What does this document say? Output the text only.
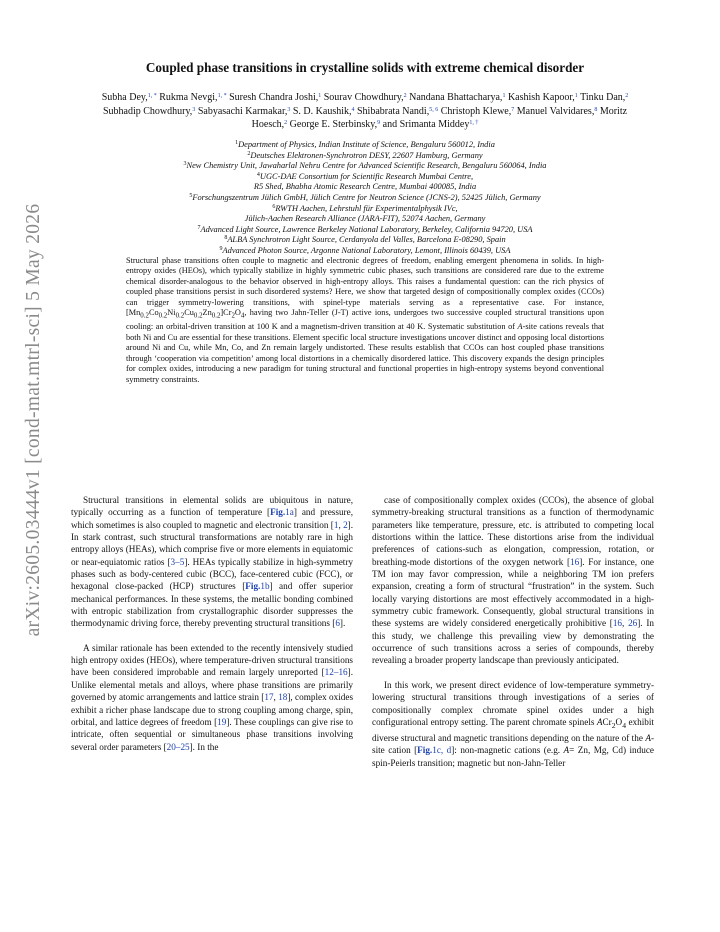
arXiv:2605.03444v1 [cond-mat.mtrl-sci] 5 May 2026
Coupled phase transitions in crystalline solids with extreme chemical disorder
Subha Dey,$^{1, *}$ Rukma Nevgi,$^{1, *}$ Suresh Chandra Joshi,$^1$ Sourav Chowdhury,$^2$ Nandana Bhattacharya,$^1$ Kashish Kapoor,$^1$ Tinku Dan,$^2$ Subhadip Chowdhury,$^3$ Sabyasachi Karmakar,$^3$ S. D. Kaushik,$^4$ Shibabrata Nandi,$^{5, 6}$ Christoph Klewe,$^7$ Manuel Valvidares,$^8$ Moritz Hoesch,$^2$ George E. Sterbinsky,$^9$ and Srimanta Middey$^{1, \dagger}$
$^1$Department of Physics, Indian Institute of Science, Bengaluru 560012, India
$^2$Deutsches Elektronen-Synchrotron DESY, 22607 Hamburg, Germany
$^3$New Chemistry Unit, Jawaharlal Nehru Centre for Advanced Scientific Research, Bengaluru 560064, India
$^4$UGC-DAE Consortium for Scientific Research Mumbai Centre,
R5 Shed, Bhabha Atomic Research Centre, Mumbai 400085, India
$^5$Forschungszentrum Jülich GmbH, Jülich Centre for Neutron Science (JCNS-2), 52425 Jülich, Germany
$^6$RWTH Aachen, Lehrstuhl für Experimentalphysik IVc,
Jülich-Aachen Research Alliance (JARA-FIT), 52074 Aachen, Germany
$^7$Advanced Light Source, Lawrence Berkeley National Laboratory, Berkeley, California 94720, USA
$^8$ALBA Synchrotron Light Source, Cerdanyola del Valles, Barcelona E-08290, Spain
$^9$Advanced Photon Source, Argonne National Laboratory, Lemont, Illinois 60439, USA
Structural phase transitions often couple to magnetic and electronic degrees of freedom, enabling emergent phenomena in solids. In high-entropy oxides (HEOs), which typically stabilize in highly symmetric cubic phases, such transitions are considered rare due to the extreme chemical disorder-analogous to the behavior observed in high-entropy alloys. This raises a fundamental question: can the rich physics of coupled phase transitions persist in such disordered systems? Here, we show that targeted design of compositionally complex oxides (CCOs) can trigger symmetry-lowering transitions, with spinel-type materials serving as a representative case. For instance, $[Mn_{0.2}Co_{0.2}Ni_{0.2}Cu_{0.2}Zn_{0.2}]Cr_2O_4$, having two Jahn-Teller (J-T) active ions, undergoes two successive coupled structural transitions upon cooling: an orbital-driven transition at 100 K and a magnetism-driven transition at 40 K. Systematic substitution of A-site cations reveals that both Ni and Cu are essential for these transitions. Element specific local structure investigations uncover distinct and opposing local distortions around Ni and Cu, while Mn, Co, and Zn remain largely undistorted. These results establish that CCOs can host coupled phase transitions through ‘cooperation via competition’ among local distortions in a chemically disordered lattice. This discovery expands the design principles for complex oxides, introducing a new paradigm for tuning structural and functional properties in high-entropy systems beyond conventional symmetry constraints.

Structural transitions in elemental solids are ubiquitous in nature, typically occurring as a function of temperature [Fig.1a] and pressure, which sometimes is also coupled to magnetic and electronic transition [1, 2]. In stark contrast, such structural transformations are notably rare in high entropy alloys (HEAs), which comprise five or more elements in equiatomic or near-equiatomic ratios [3–5]. HEAs typically stabilize in high-symmetry phases such as body-centered cubic (BCC), face-centered cubic (FCC), or hexagonal close-packed (HCP) structures [Fig.1b] and offer superior mechanical performances. In these systems, the metallic bonding combined with entropic stabilization from crystallographic disorder suppresses the thermodynamic driving force, thereby preventing structural transitions [6].

A similar rationale has been extended to the recently intensively studied high entropy oxides (HEOs), where temperature-driven structural transitions have been considered improbable and remain largely unreported [12–16]. Unlike elemental metals and alloys, where phase transitions are primarily governed by atomic arrangements and lattice strain [17, 18], complex oxides exhibit a richer phase landscape due to strong coupling among charge, spin, orbital, and lattice degrees of freedom [19]. These couplings can give rise to intricate, often sequential or simultaneous phase transitions involving several order parameters [20–25]. In the

case of compositionally complex oxides (CCOs), the absence of global symmetry-breaking structural transitions as a function of thermodynamic parameters like temperature, pressure, etc. is attributed to competing local distortions within the lattice. These distortions arise from the individual preferences of cations-such as elongation, compression, rotation, or breathing-mode distortions of the oxygen network [16]. For instance, one TM ion may favor compression, while a neighboring TM ion prefers expansion, creating a form of structural “frustration” in the system. Such locally varying distortions are most effectively accommodated in a high-symmetry cubic framework. Consequently, global structural transitions in these systems are widely considered energetically prohibitive [16, 26]. In this study, we challenge this prevailing view by demonstrating the occurrence of such transitions across a series of compounds, thereby revealing a broader property landscape than previously anticipated.

In this work, we present direct evidence of low-temperature symmetry-lowering structural transitions through investigations of a series of compositionally complex chromate spinel oxides under a high configurational entropy setting. The parent chromate spinels $ACr_2O_4$ exhibit diverse structural and magnetic transitions depending on the nature of the A-site cation [Fig.1c, d]: non-magnetic cations (e.g. A= Zn, Mg, Cd) induce spin-Peierls transition; magnetic but non-Jahn-Teller
